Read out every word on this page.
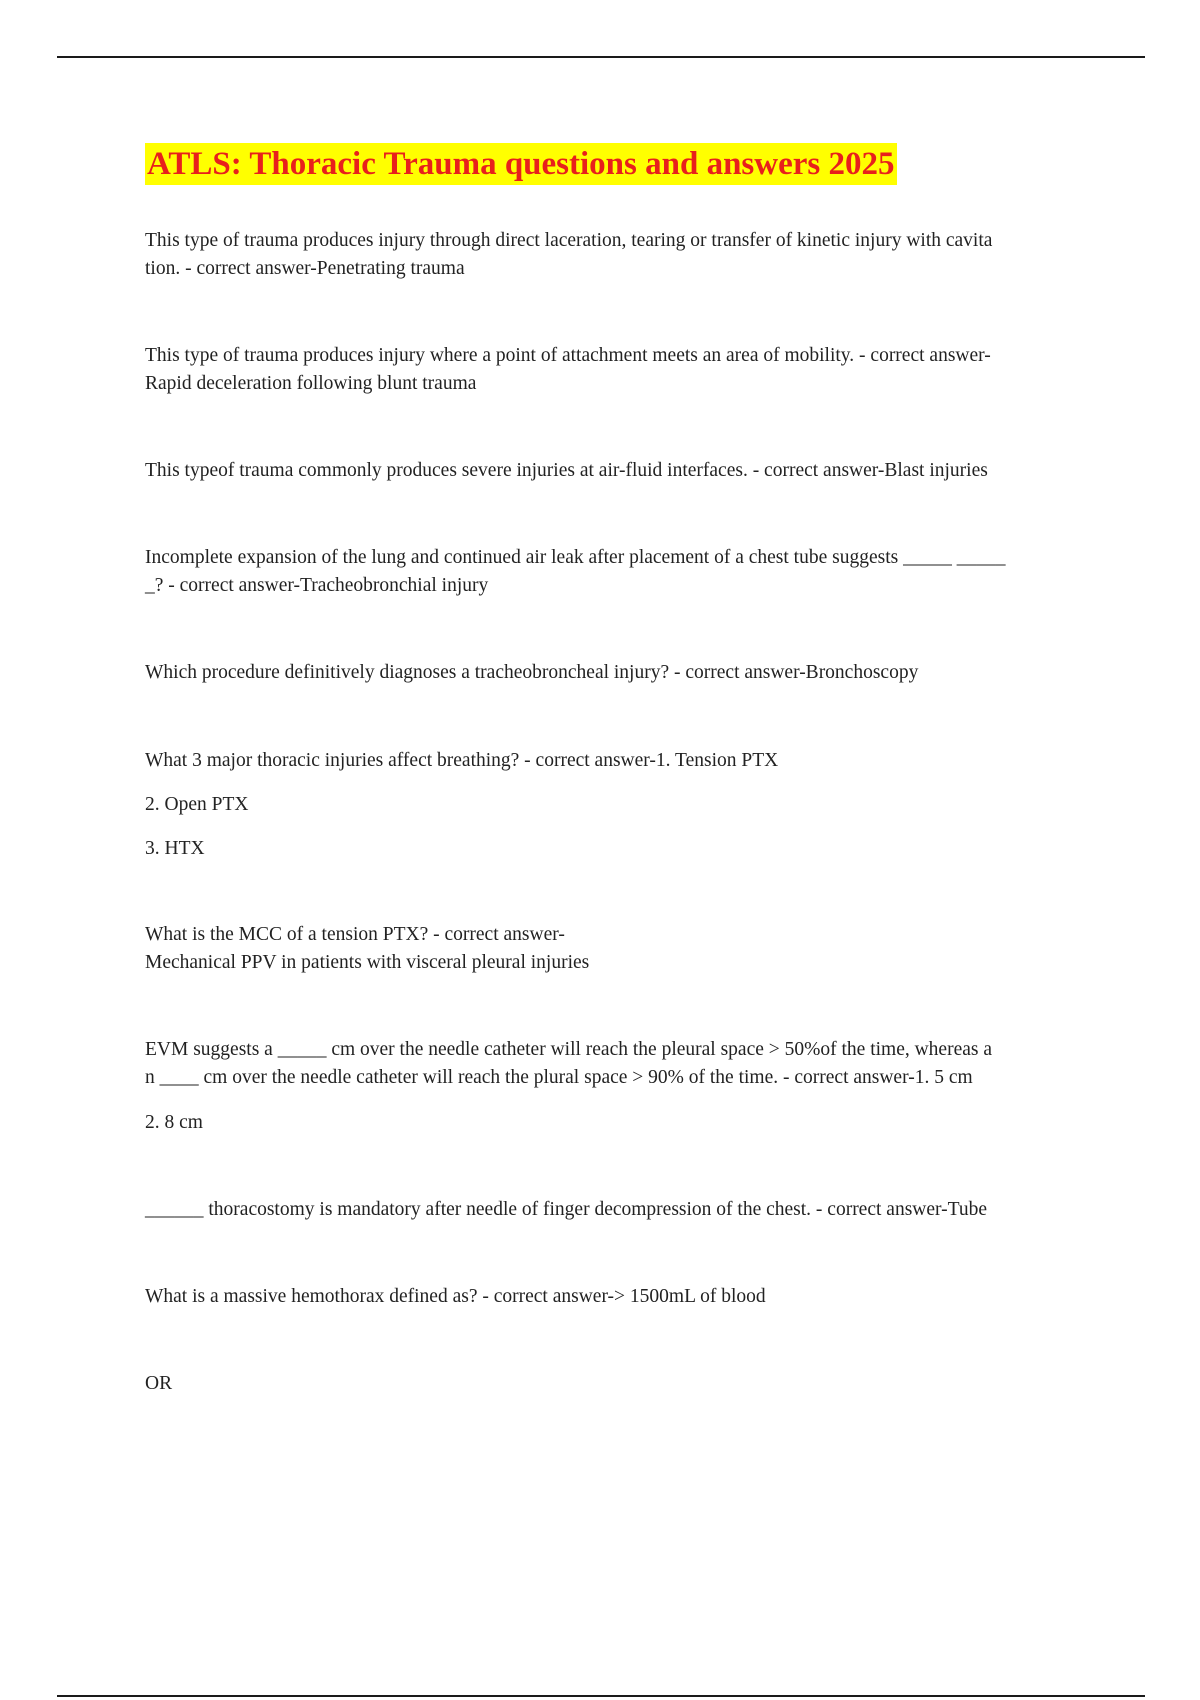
ATLS: Thoracic Trauma questions and answers 2025

This type of trauma produces injury through direct laceration, tearing or transfer of kinetic injury with cavita

tion. - correct answer-Penetrating trauma

This type of trauma produces injury where a point of attachment meets an area of mobility. - correct answer-

Rapid deceleration following blunt trauma

This typeof trauma commonly produces severe injuries at air-fluid interfaces. - correct answer-Blast injuries

Incomplete expansion of the lung and continued air leak after placement of a chest tube suggests _____ _____

_? - correct answer-Tracheobronchial injury

Which procedure definitively diagnoses a tracheobroncheal injury? - correct answer-Bronchoscopy

What 3 major thoracic injuries affect breathing? - correct answer-1. Tension PTX

2. Open PTX

3. HTX

What is the MCC of a tension PTX? - correct answer-

Mechanical PPV in patients with visceral pleural injuries

EVM suggests a _____ cm over the needle catheter will reach the pleural space > 50%of the time, whereas a

n ____ cm over the needle catheter will reach the plural space > 90% of the time. - correct answer-1. 5 cm

2. 8 cm

______ thoracostomy is mandatory after needle of finger decompression of the chest. - correct answer-Tube

What is a massive hemothorax defined as? - correct answer-> 1500mL of blood

OR
